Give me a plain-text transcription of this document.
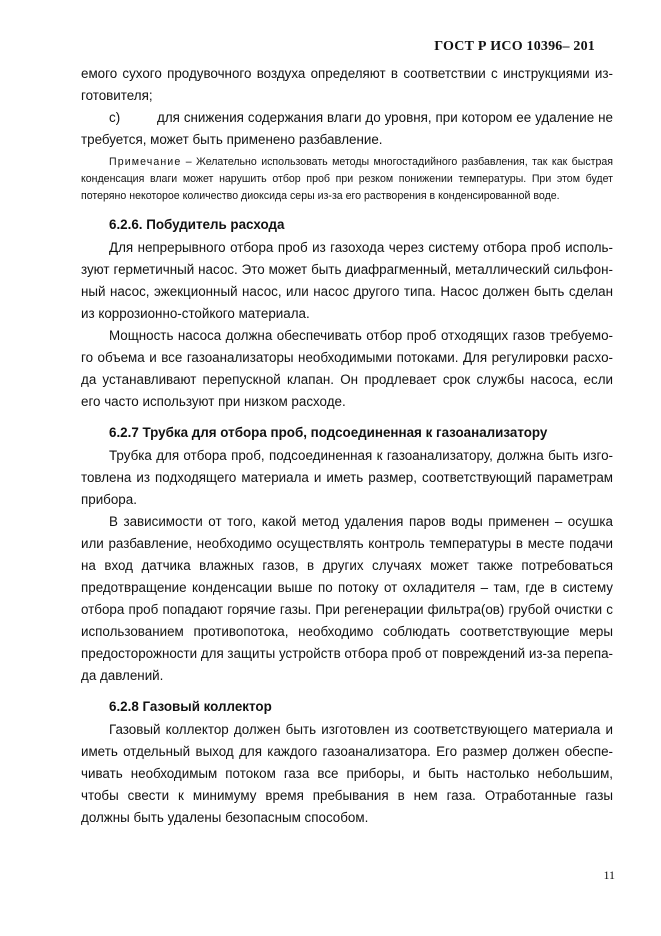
ГОСТ Р ИСО 10396– 201

емого сухого продувочного воздуха определяют в соответствии с инструкциями из-

готовителя;

с)	для снижения содержания влаги до уровня, при котором ее удаление не

требуется, может быть применено разбавление.

Примечание – Желательно использовать методы многостадийного разбавления, так как быстрая конденсация влаги может нарушить отбор проб при резком понижении температуры. При этом будет потеряно некоторое количество диоксида серы из-за его растворения в конденсированной воде.

6.2.6. Побудитель расхода

Для непрерывного отбора проб из газохода через систему отбора проб используют герметичный насос. Это может быть диафрагменный, металлический сильфонный насос, эжекционный насос, или насос другого типа. Насос должен быть сделан из коррозионно-стойкого материала.

Мощность насоса должна обеспечивать отбор проб отходящих газов требуемого объема и все газоанализаторы необходимыми потоками. Для регулировки расхода устанавливают перепускной клапан. Он продлевает срок службы насоса, если его часто используют при низком расходе.

6.2.7 Трубка для отбора проб, подсоединенная к газоанализатору

Трубка для отбора проб, подсоединенная к газоанализатору, должна быть изготовлена из подходящего материала и иметь размер, соответствующий параметрам прибора.

В зависимости от того, какой метод удаления паров воды применен – осушка или разбавление, необходимо осуществлять контроль температуры в месте подачи на вход датчика влажных газов, в других случаях может также потребоваться предотвращение конденсации выше по потоку от охладителя – там, где в систему отбора проб попадают горячие газы. При регенерации фильтра(ов) грубой очистки с использованием противопотока, необходимо соблюдать соответствующие меры предосторожности для защиты устройств отбора проб от повреждений из-за перепада давлений.

6.2.8 Газовый коллектор

Газовый коллектор должен быть изготовлен из соответствующего материала и иметь отдельный выход для каждого газоанализатора. Его размер должен обеспечивать необходимым потоком газа все приборы, и быть настолько небольшим, чтобы свести к минимуму время пребывания в нем газа. Отработанные газы должны быть удалены безопасным способом.

11
